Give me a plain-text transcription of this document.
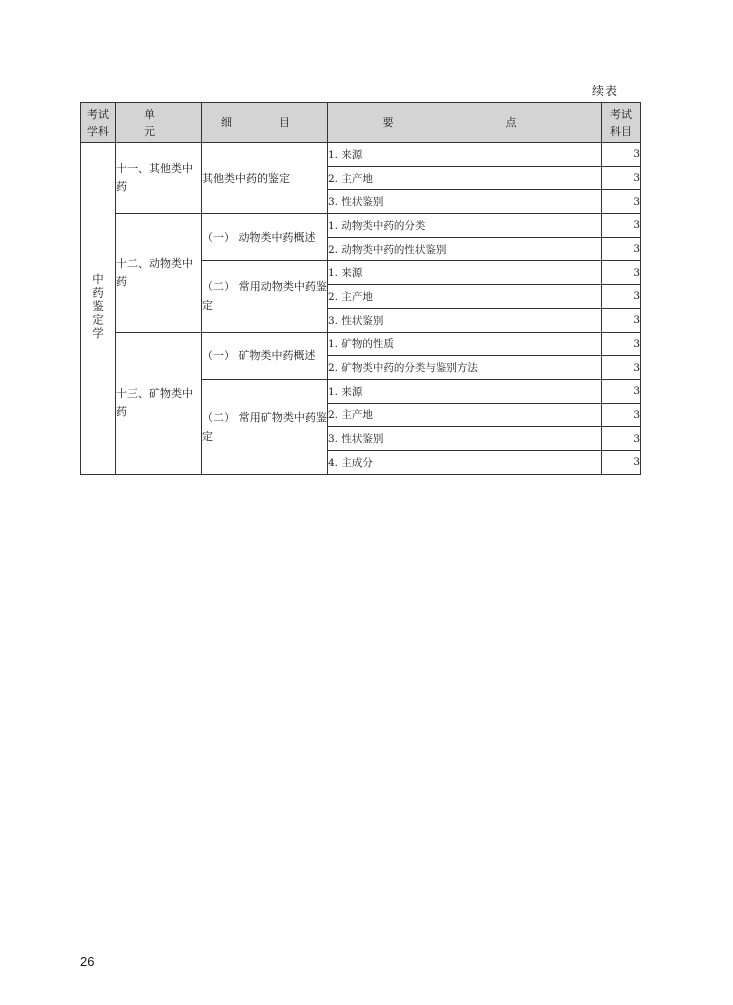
续表
考试
学科	单　元	细　目	要　　点	考试
科目
中药鉴定学	十一、其他类中药	其他类中药的鉴定	1. 来源	3
			2. 主产地	3
			3. 性状鉴别	3
	十二、动物类中药	（一） 动物类中药概述	1. 动物类中药的分类	3
			2. 动物类中药的性状鉴别	3
		（二） 常用动物类中药鉴定	1. 来源	3
			2. 主产地	3
			3. 性状鉴别	3
	十三、矿物类中药	（一） 矿物类中药概述	1. 矿物的性质	3
			2. 矿物类中药的分类与鉴别方法	3
		（二） 常用矿物类中药鉴定	1. 来源	3
			2. 主产地	3
			3. 性状鉴别	3
			4. 主成分	3
26
